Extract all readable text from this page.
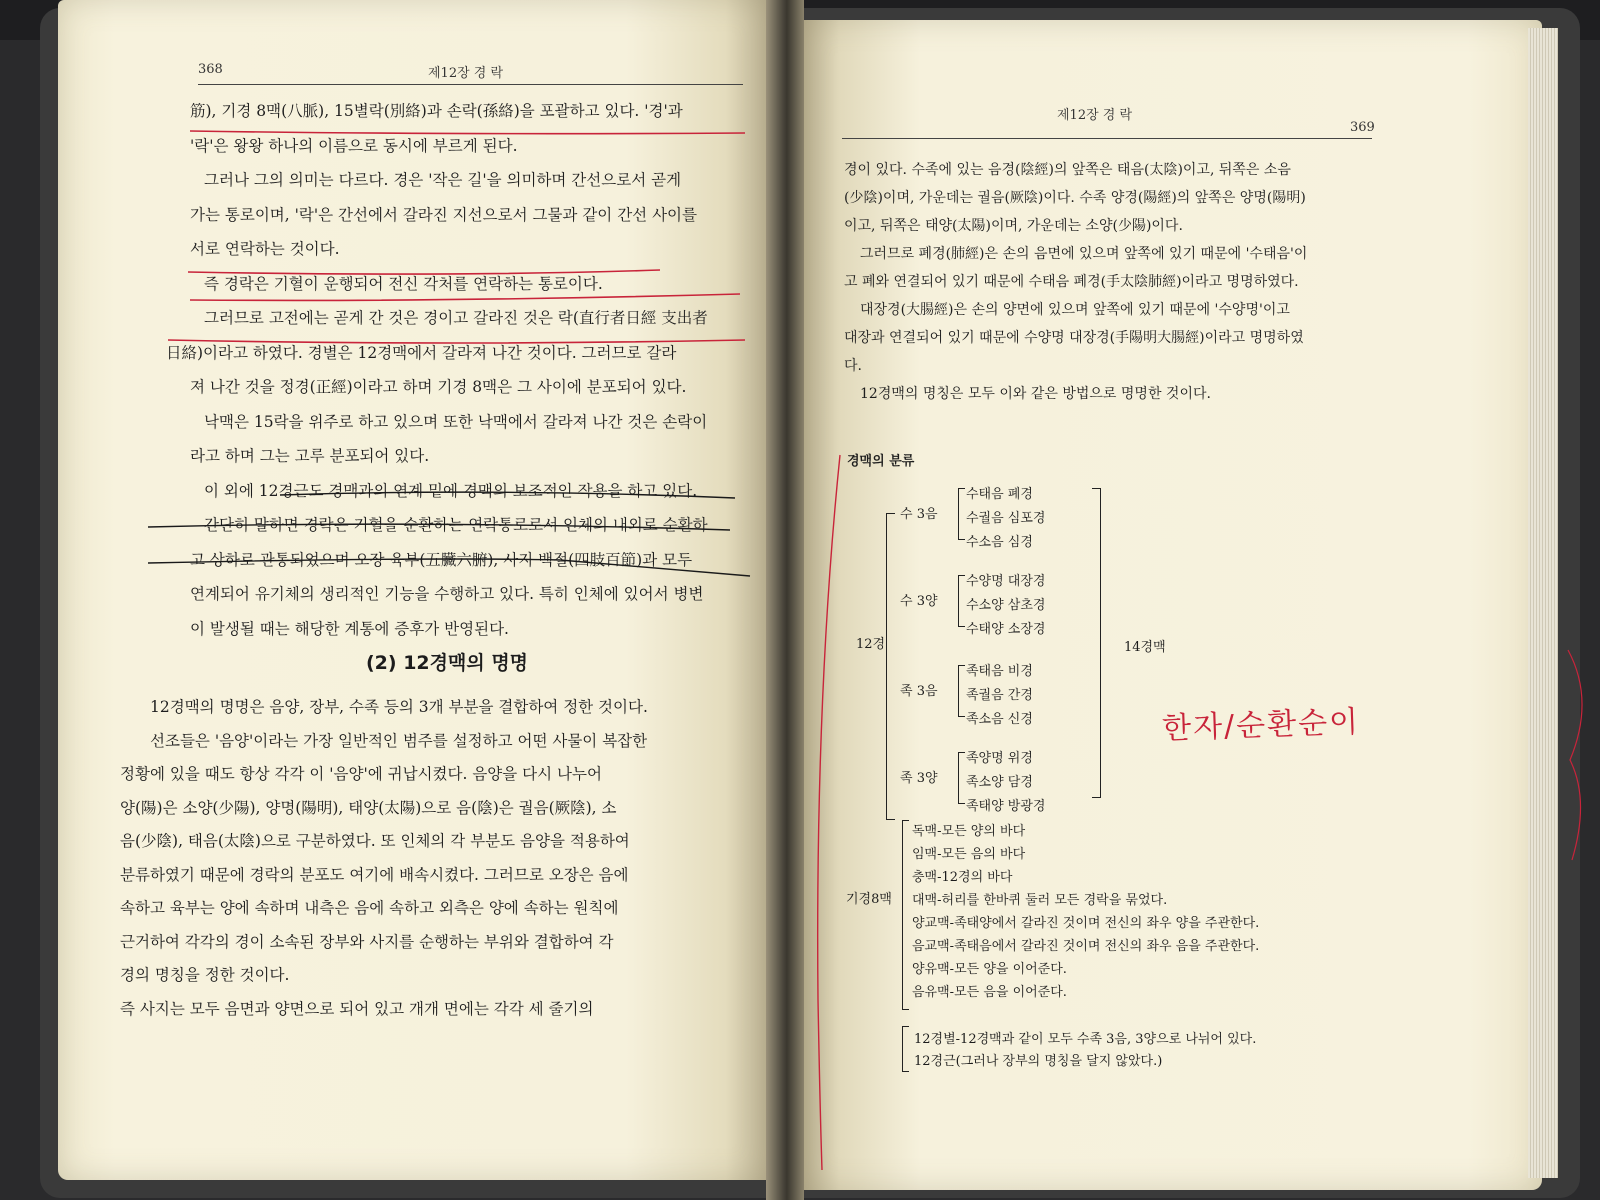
368	제12장 경 락
筋), 기경 8맥(八脈), 15별락(別絡)과 손락(孫絡)을 포괄하고 있다. '경'과
'락'은 왕왕 하나의 이름으로 동시에 부르게 된다.
그러나 그의 의미는 다르다. 경은 '작은 길'을 의미하며 간선으로서 곧게
가는 통로이며, '락'은 간선에서 갈라진 지선으로서 그물과 같이 간선 사이를
서로 연락하는 것이다.
즉 경락은 기혈이 운행되어 전신 각처를 연락하는 통로이다.
그러므로 고전에는 곧게 간 것은 경이고 갈라진 것은 락(直行者日經 支出者
日絡)이라고 하였다. 경별은 12경맥에서 갈라져 나간 것이다. 그러므로 갈라
져 나간 것을 정경(正經)이라고 하며 기경 8맥은 그 사이에 분포되어 있다.
낙맥은 15락을 위주로 하고 있으며 또한 낙맥에서 갈라져 나간 것은 손락이
라고 하며 그는 고루 분포되어 있다.
이 외에 12경근도 경맥과의 연계 밑에 경맥의 보조적인 작용을 하고 있다.
간단히 말하면 경락은 기혈을 순환하는 연락통로로서 인체의 내외로 순환하
고 상하로 관통되었으며 오장 육부(五臟六腑), 사지 백절(四肢百節)과 모두
연계되어 유기체의 생리적인 기능을 수행하고 있다. 특히 인체에 있어서 병변
이 발생될 때는 해당한 계통에 증후가 반영된다.
(2) 12경맥의 명명
12경맥의 명명은 음양, 장부, 수족 등의 3개 부분을 결합하여 정한 것이다.
선조들은 '음양'이라는 가장 일반적인 범주를 설정하고 어떤 사물이 복잡한
정황에 있을 때도 항상 각각 이 '음양'에 귀납시켰다. 음양을 다시 나누어
양(陽)은 소양(少陽), 양명(陽明), 태양(太陽)으로 음(陰)은 궐음(厥陰), 소
음(少陰), 태음(太陰)으로 구분하였다. 또 인체의 각 부분도 음양을 적용하여
분류하였기 때문에 경락의 분포도 여기에 배속시켰다. 그러므로 오장은 음에
속하고 육부는 양에 속하며 내측은 음에 속하고 외측은 양에 속하는 원칙에
근거하여 각각의 경이 소속된 장부와 사지를 순행하는 부위와 결합하여 각
경의 명칭을 정한 것이다.
즉 사지는 모두 음면과 양면으로 되어 있고 개개 면에는 각각 세 줄기의
제12장 경 락
369
경이 있다. 수족에 있는 음경(陰經)의 앞쪽은 태음(太陰)이고, 뒤쪽은 소음
(少陰)이며, 가운데는 궐음(厥陰)이다. 수족 양경(陽經)의 앞쪽은 양명(陽明)
이고, 뒤쪽은 태양(太陽)이며, 가운데는 소양(少陽)이다.
그러므로 폐경(肺經)은 손의 음면에 있으며 앞쪽에 있기 때문에 '수태음'이
고 폐와 연결되어 있기 때문에 수태음 폐경(手太陰肺經)이라고 명명하였다.
대장경(大腸經)은 손의 양면에 있으며 앞쪽에 있기 때문에 '수양명'이고
대장과 연결되어 있기 때문에 수양명 대장경(手陽明大腸經)이라고 명명하였
다.
12경맥의 명칭은 모두 이와 같은 방법으로 명명한 것이다.
경맥의 분류
12경	14경맥
기경8맥
수 3음
수태음 폐경
수궐음 심포경
수소음 심경
수 3양
수양명 대장경
수소양 삼초경
수태양 소장경
족 3음
족태음 비경
족궐음 간경
족소음 신경
족 3양
족양명 위경
족소양 담경
족태양 방광경
독맥-모든 양의 바다
임맥-모든 음의 바다
충맥-12경의 바다
대맥-허리를 한바퀴 둘러 모든 경락을 묶었다.
양교맥-족태양에서 갈라진 것이며 전신의 좌우 양을 주관한다.
음교맥-족태음에서 갈라진 것이며 전신의 좌우 음을 주관한다.
양유맥-모든 양을 이어준다.
음유맥-모든 음을 이어준다.
12경별-12경맥과 같이 모두 수족 3음, 3양으로 나뉘어 있다.
12경근(그러나 장부의 명칭을 달지 않았다.)
한자/순환순이
